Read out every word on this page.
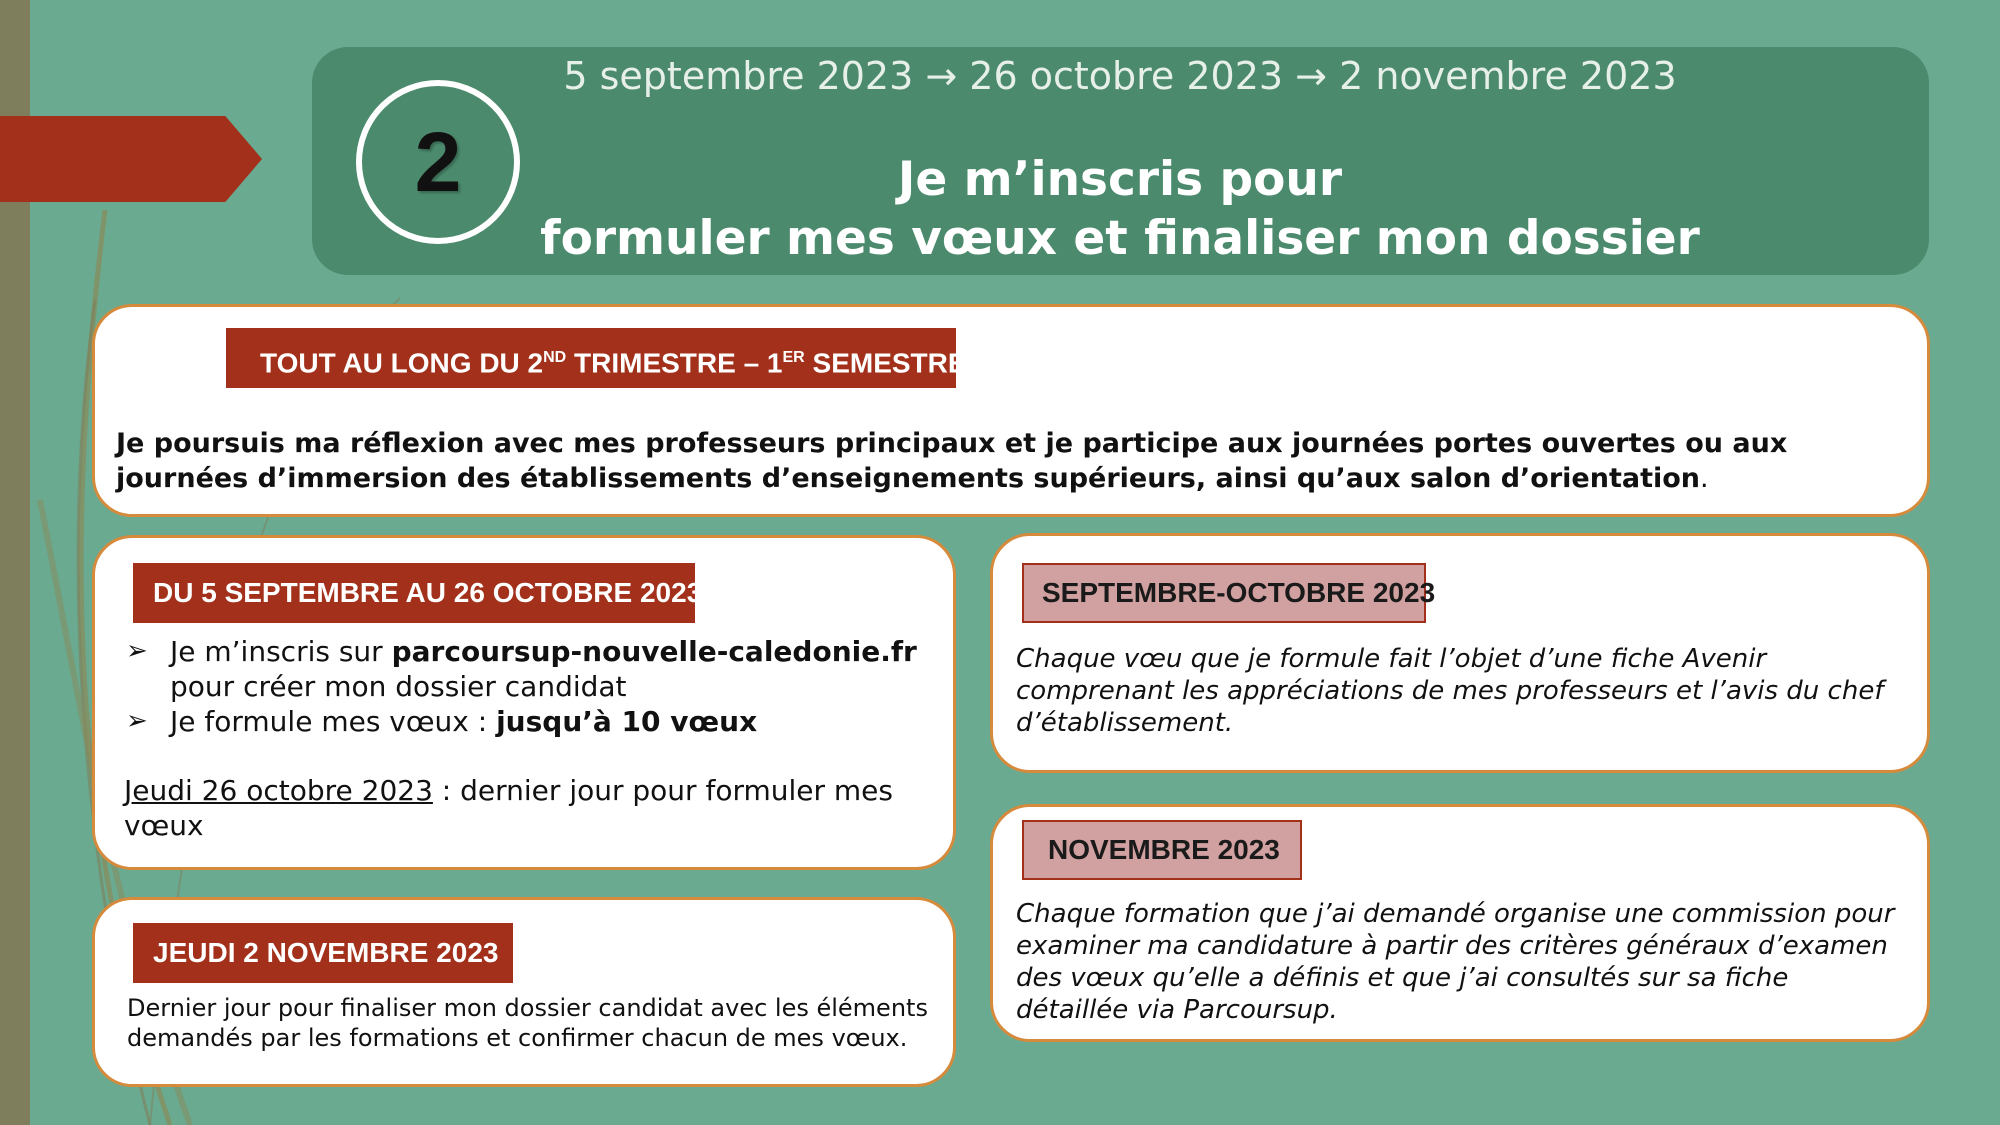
2
5 septembre 2023 → 26 octobre 2023 → 2 novembre 2023
Je m’inscris pour
formuler mes vœux et finaliser mon dossier
TOUT AU LONG DU 2ND TRIMESTRE – 1ER SEMESTRE
Je poursuis ma réflexion avec mes professeurs principaux et je participe aux journées portes ouvertes ou aux journées d’immersion des établissements d’enseignements supérieurs, ainsi qu’aux salon d’orientation.
DU 5 SEPTEMBRE AU 26 OCTOBRE 2023
➢ Je m’inscris sur parcoursup-nouvelle-caledonie.fr
pour créer mon dossier candidat
➢ Je formule mes vœux : jusqu’à 10 vœux
Jeudi 26 octobre 2023 : dernier jour pour formuler mes vœux
JEUDI 2 NOVEMBRE 2023
Dernier jour pour finaliser mon dossier candidat avec les éléments demandés par les formations et confirmer chacun de mes vœux.
SEPTEMBRE-OCTOBRE 2023
Chaque vœu que je formule fait l’objet d’une fiche Avenir comprenant les appréciations de mes professeurs et l’avis du chef d’établissement.
NOVEMBRE 2023
Chaque formation que j’ai demandé organise une commission pour examiner ma candidature à partir des critères généraux d’examen des vœux qu’elle a définis et que j’ai consultés sur sa fiche détaillée via Parcoursup.
